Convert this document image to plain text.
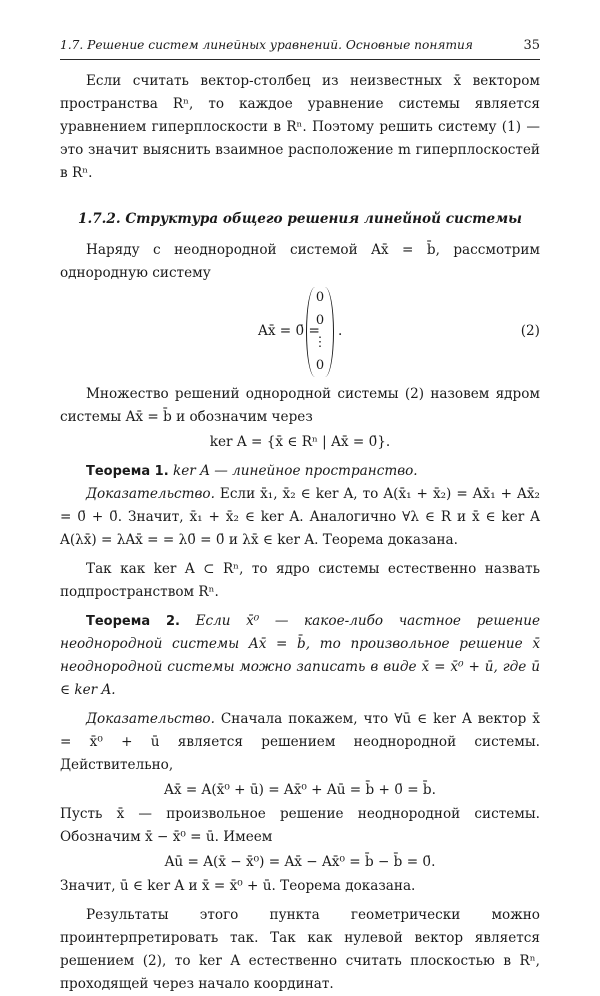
1.7. Решение систем линейных уравнений. Основные понятия	35

Если считать вектор-столбец из неизвестных x̄ вектором пространства Rⁿ, то каждое уравнение системы является уравнением гиперплоскости в Rⁿ. Поэтому решить систему (1) — это значит выяснить взаимное расположение m гиперплоскостей в Rⁿ.

1.7.2. Структура общего решения линейной системы

Наряду с неоднородной системой Ax̄ = b̄, рассмотрим однородную систему

Ax̄ = 0̄ =
0
0
⋮
0
.	(2)

Множество решений однородной системы (2) назовем ядром системы Ax̄ = b̄ и обозначим через

ker A = {x̄ ∈ Rⁿ | Ax̄ = 0̄}.

Теорема 1. ker A — линейное пространство.

Доказательство. Если x̄₁, x̄₂ ∈ ker A, то A(x̄₁ + x̄₂) = Ax̄₁ + Ax̄₂ = 0̄ + 0̄. Значит, x̄₁ + x̄₂ ∈ ker A. Аналогично ∀λ ∈ R и x̄ ∈ ker A A(λx̄) = λAx̄ = = λ0̄ = 0̄ и λx̄ ∈ ker A. Теорема доказана.

Так как ker A ⊂ Rⁿ, то ядро системы естественно назвать подпространством Rⁿ.

Теорема 2. Если x̄⁰ — какое-либо частное решение неоднородной системы Ax̄ = b̄, то произвольное решение x̄ неоднородной системы можно записать в виде x̄ = x̄⁰ + ū, где ū ∈ ker A.

Доказательство. Сначала покажем, что ∀ū ∈ ker A вектор x̄ = x̄⁰ + ū является решением неоднородной системы. Действительно,

Ax̄ = A(x̄⁰ + ū) = Ax̄⁰ + Aū = b̄ + 0̄ = b̄.

Пусть x̄ — произвольное решение неоднородной системы. Обозначим x̄ − x̄⁰ = ū. Имеем

Aū = A(x̄ − x̄⁰) = Ax̄ − Ax̄⁰ = b̄ − b̄ = 0̄.

Значит, ū ∈ ker A и x̄ = x̄⁰ + ū. Теорема доказана.

Результаты этого пункта геометрически можно проинтерпретировать так. Так как нулевой вектор является решением (2), то ker A естественно считать плоскостью в Rⁿ, проходящей через начало координат.
